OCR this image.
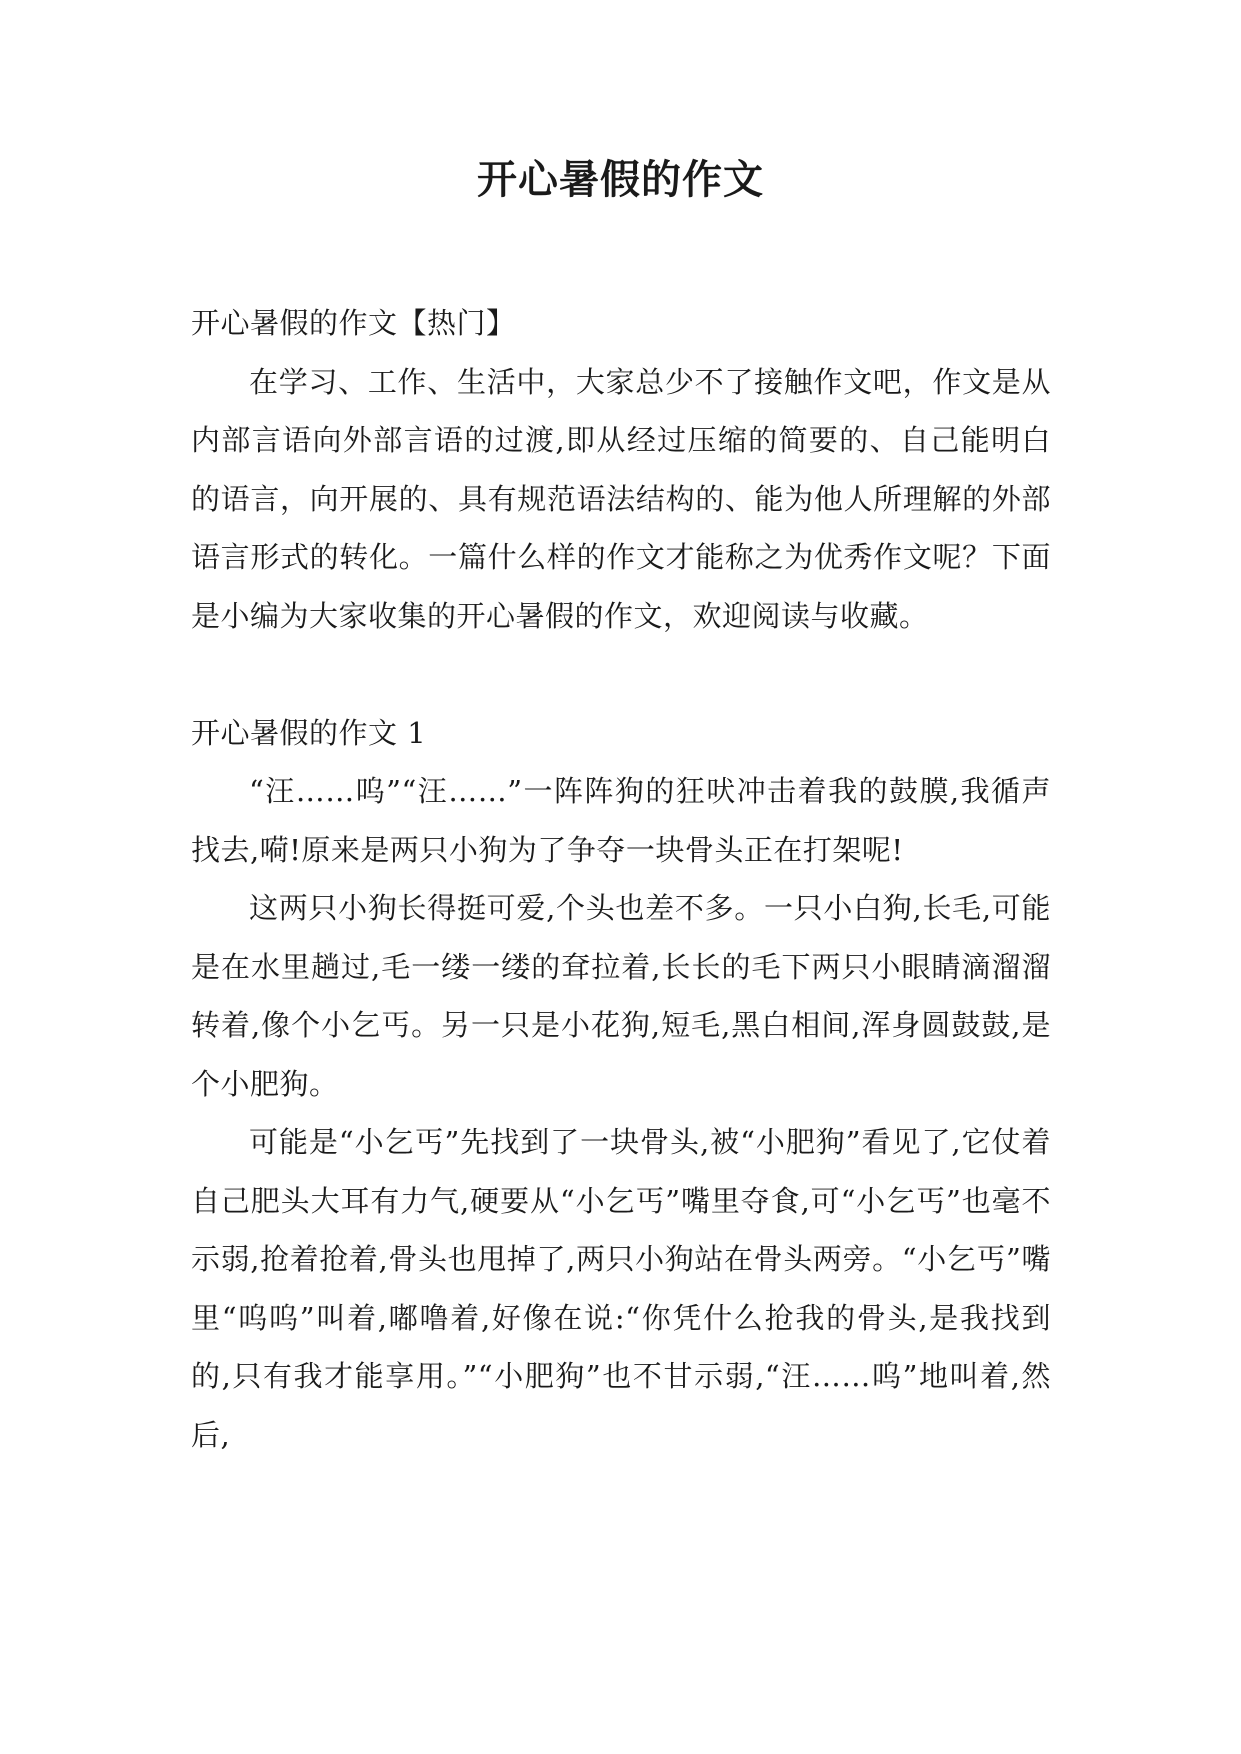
开心暑假的作文

开心暑假的作文【热门】

在学习、工作、生活中，大家总少不了接触作文吧，作文是从内部言语向外部言语的过渡,即从经过压缩的简要的、自己能明白的语言，向开展的、具有规范语法结构的、能为他人所理解的外部语言形式的转化。一篇什么样的作文才能称之为优秀作文呢？下面是小编为大家收集的开心暑假的作文，欢迎阅读与收藏。

开心暑假的作文 1

“汪……呜”“汪……”一阵阵狗的狂吠冲击着我的鼓膜,我循声找去,嗬!原来是两只小狗为了争夺一块骨头正在打架呢!

这两只小狗长得挺可爱,个头也差不多。一只小白狗,长毛,可能是在水里趟过,毛一缕一缕的耷拉着,长长的毛下两只小眼睛滴溜溜转着,像个小乞丐。另一只是小花狗,短毛,黑白相间,浑身圆鼓鼓,是个小肥狗。

可能是“小乞丐”先找到了一块骨头,被“小肥狗”看见了,它仗着自己肥头大耳有力气,硬要从“小乞丐”嘴里夺食,可“小乞丐”也毫不示弱,抢着抢着,骨头也甩掉了,两只小狗站在骨头两旁。“小乞丐”嘴里“呜呜”叫着,嘟噜着,好像在说:“你凭什么抢我的骨头,是我找到的,只有我才能享用。”“小肥狗”也不甘示弱,“汪……呜”地叫着,然后,
